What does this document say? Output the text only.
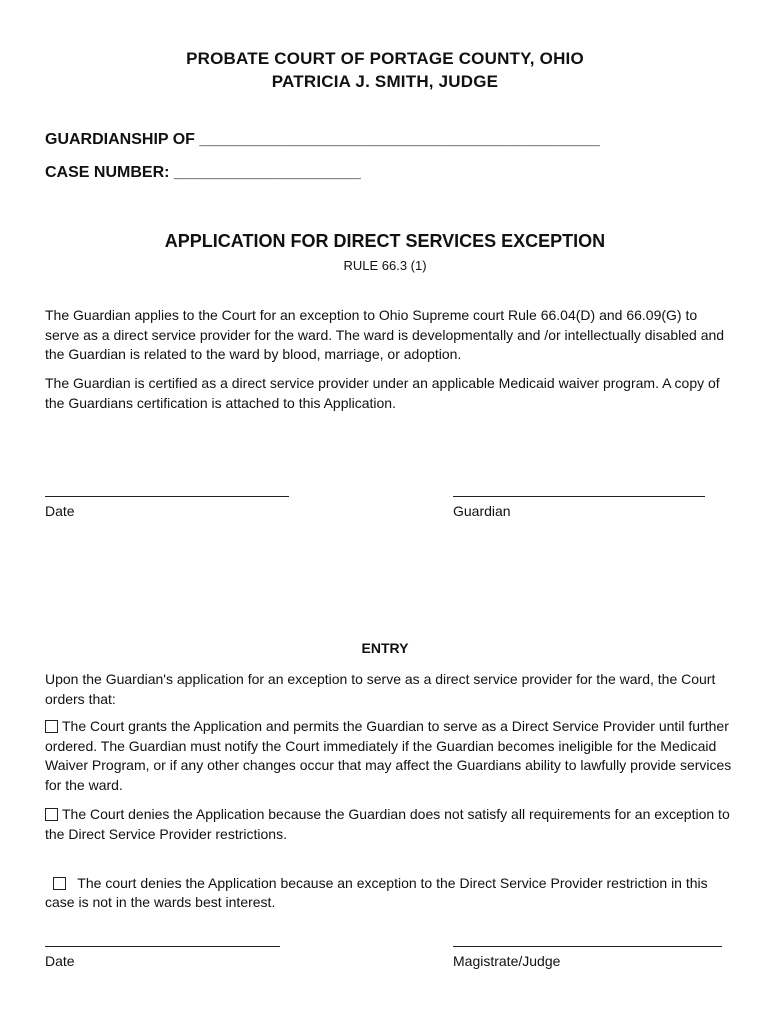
PROBATE COURT OF PORTAGE COUNTY, OHIO
PATRICIA J. SMITH, JUDGE
GUARDIANSHIP OF _____________________________________________
CASE NUMBER: _____________________
APPLICATION FOR DIRECT SERVICES EXCEPTION
RULE 66.3 (1)
The Guardian applies to the Court for an exception to Ohio Supreme court Rule 66.04(D) and 66.09(G) to serve as a direct service provider for the ward. The ward is developmentally and /or intellectually disabled and the Guardian is related to the ward by blood, marriage, or adoption.
The Guardian is certified as a direct service provider under an applicable Medicaid waiver program. A copy of the Guardians certification is attached to this Application.
Date	Guardian
ENTRY
Upon the Guardian's application for an exception to serve as a direct service provider for the ward, the Court orders that:
The Court grants the Application and permits the Guardian to serve as a Direct Service Provider until further ordered. The Guardian must notify the Court immediately if the Guardian becomes ineligible for the Medicaid Waiver Program, or if any other changes occur that may affect the Guardians ability to lawfully provide services for the ward.
The Court denies the Application because the Guardian does not satisfy all requirements for an exception to the Direct Service Provider restrictions.

The court denies the Application because an exception to the Direct Service Provider restriction in this case is not in the wards best interest.

Date	Magistrate/Judge
